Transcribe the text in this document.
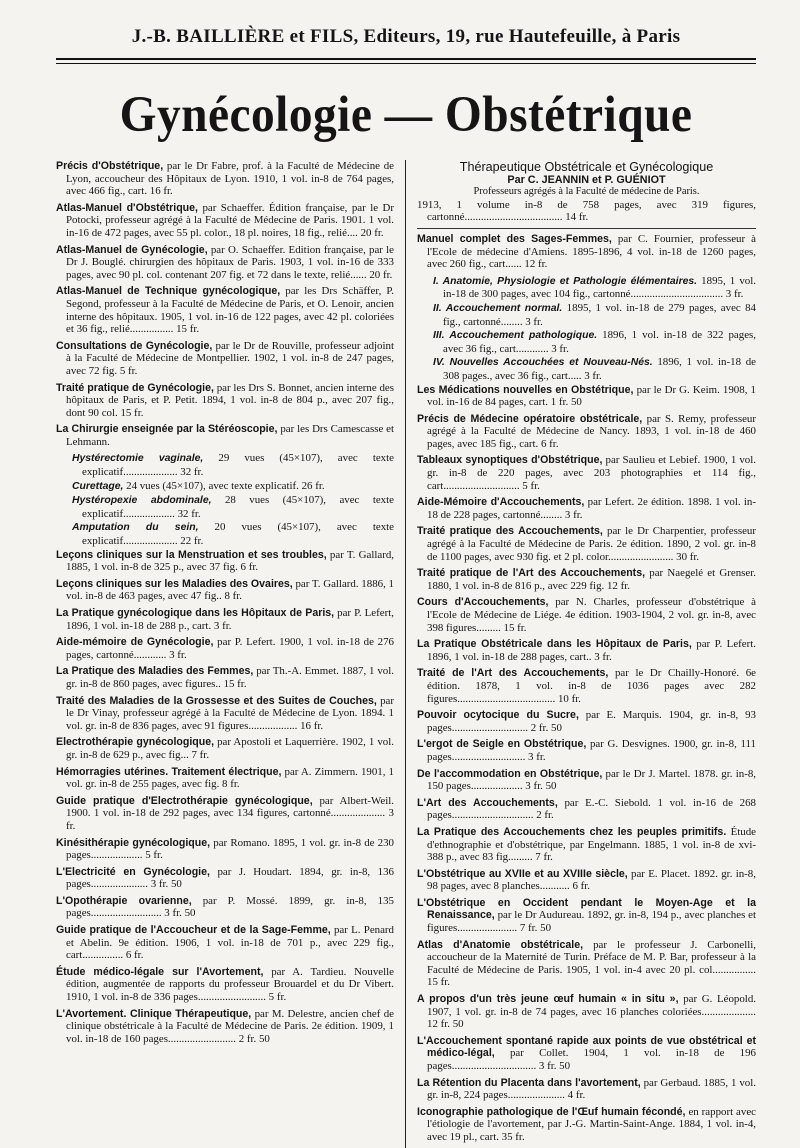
J.-B. BAILLIÈRE et FILS, Editeurs, 19, rue Hautefeuille, à Paris
Gynécologie — Obstétrique
Précis d'Obstétrique, par le Dr Fabre, prof. à la Faculté de Médecine de Lyon, accoucheur des Hôpitaux de Lyon. 1910, 1 vol. in-8 de 764 pages, avec 466 fig., cart. 16 fr.
Atlas-Manuel d'Obstétrique, par Schaeffer. Édition française, par le Dr Potocki, professeur agrégé à la Faculté de Médecine de Paris. 1901. 1 vol. in-16 de 472 pages, avec 55 pl. color., 18 pl. noires, 18 fig., relié.... 20 fr.
Atlas-Manuel de Gynécologie, par O. Schaeffer. Edition française, par le Dr J. Bouglé. chirurgien des hôpitaux de Paris. 1903, 1 vol. in-16 de 333 pages, avec 90 pl. col. contenant 207 fig. et 72 dans le texte, relié...... 20 fr.
Atlas-Manuel de Technique gynécologique, par les Drs Schäffer, P. Segond, professeur à la Faculté de Médecine de Paris, et O. Lenoir, ancien interne des hôpitaux. 1905, 1 vol. in-16 de 122 pages, avec 42 pl. coloriées et 36 fig., relié................ 15 fr.
Consultations de Gynécologie, par le Dr de Rouville, professeur adjoint à la Faculté de Médecine de Montpellier. 1902, 1 vol. in-8 de 247 pages, avec 72 fig. 5 fr.
Traité pratique de Gynécologie, par les Drs S. Bonnet, ancien interne des hôpitaux de Paris, et P. Petit. 1894, 1 vol. in-8 de 804 p., avec 207 fig., dont 90 col. 15 fr.
La Chirurgie enseignée par la Stéréoscopie, par les Drs Camescasse et Lehmann.
Hystérectomie vaginale, 29 vues (45×107), avec texte explicatif.................... 32 fr.
Curettage, 24 vues (45×107), avec texte explicatif. 26 fr.
Hystéropexie abdominale, 28 vues (45×107), avec texte explicatif................... 32 fr.
Amputation du sein, 20 vues (45×107), avec texte explicatif.................... 22 fr.
Leçons cliniques sur la Menstruation et ses troubles, par T. Gallard, 1885, 1 vol. in-8 de 325 p., avec 37 fig. 6 fr.
Leçons cliniques sur les Maladies des Ovaires, par T. Gallard. 1886, 1 vol. in-8 de 463 pages, avec 47 fig.. 8 fr.
La Pratique gynécologique dans les Hôpitaux de Paris, par P. Lefert, 1896, 1 vol. in-18 de 288 p., cart. 3 fr.
Aide-mémoire de Gynécologie, par P. Lefert. 1900, 1 vol. in-18 de 276 pages, cartonné............ 3 fr.
La Pratique des Maladies des Femmes, par Th.-A. Emmet. 1887, 1 vol. gr. in-8 de 860 pages, avec figures.. 15 fr.
Traité des Maladies de la Grossesse et des Suites de Couches, par le Dr Vinay, professeur agrégé à la Faculté de Médecine de Lyon. 1894. 1 vol. gr. in-8 de 836 pages, avec 91 figures.................. 16 fr.
Electrothérapie gynécologique, par Apostoli et Laquerrière. 1902, 1 vol. gr. in-8 de 629 p., avec fig... 7 fr.
Hémorragies utérines. Traitement électrique, par A. Zimmern. 1901, 1 vol. gr. in-8 de 255 pages, avec fig. 8 fr.
Guide pratique d'Electrothérapie gynécologique, par Albert-Weil. 1900. 1 vol. in-18 de 292 pages, avec 134 figures, cartonné.................... 3 fr.
Kinésithérapie gynécologique, par Romano. 1895, 1 vol. gr. in-8 de 230 pages................... 5 fr.
L'Electricité en Gynécologie, par J. Houdart. 1894, gr. in-8, 136 pages..................... 3 fr. 50
L'Opothérapie ovarienne, par P. Mossé. 1899, gr. in-8, 135 pages.......................... 3 fr. 50
Guide pratique de l'Accoucheur et de la Sage-Femme, par L. Penard et Abelin. 9e édition. 1906, 1 vol. in-18 de 701 p., avec 229 fig., cart............... 6 fr.
Étude médico-légale sur l'Avortement, par A. Tardieu. Nouvelle édition, augmentée de rapports du professeur Brouardel et du Dr Vibert. 1910, 1 vol. in-8 de 336 pages......................... 5 fr.
L'Avortement. Clinique Thérapeutique, par M. Delestre, ancien chef de clinique obstétricale à la Faculté de Médecine de Paris. 2e édition. 1909, 1 vol. in-18 de 160 pages......................... 2 fr. 50
Thérapeutique Obstétricale et Gynécologique
Par C. JEANNIN et P. GUÉNIOT
Professeurs agrégés à la Faculté de médecine de Paris.
1913, 1 volume in-8 de 758 pages, avec 319 figures, cartonné.................................... 14 fr.
Manuel complet des Sages-Femmes, par C. Fournier, professeur à l'Ecole de médecine d'Amiens. 1895-1896, 4 vol. in-18 de 1260 pages, avec 260 fig., cart...... 12 fr.
I. Anatomie, Physiologie et Pathologie élémentaires. 1895, 1 vol. in-18 de 300 pages, avec 104 fig., cartonné.................................. 3 fr.
II. Accouchement normal. 1895, 1 vol. in-18 de 279 pages, avec 84 fig., cartonné........ 3 fr.
III. Accouchement pathologique. 1896, 1 vol. in-18 de 322 pages, avec 36 fig., cart............ 3 fr.
IV. Nouvelles Accouchées et Nouveau-Nés. 1896, 1 vol. in-18 de 308 pages., avec 36 fig., cart..... 3 fr.
Les Médications nouvelles en Obstétrique, par le Dr G. Keim. 1908, 1 vol. in-16 de 84 pages, cart. 1 fr. 50
Précis de Médecine opératoire obstétricale, par S. Remy, professeur agrégé à la Faculté de Médecine de Nancy. 1893, 1 vol. in-18 de 460 pages, avec 185 fig., cart. 6 fr.
Tableaux synoptiques d'Obstétrique, par Saulieu et Lebief. 1900, 1 vol. gr. in-8 de 220 pages, avec 203 photographies et 114 fig., cart............................ 5 fr.
Aide-Mémoire d'Accouchements, par Lefert. 2e édition. 1898. 1 vol. in-18 de 228 pages, cartonné........ 3 fr.
Traité pratique des Accouchements, par le Dr Charpentier, professeur agrégé à la Faculté de Médecine de Paris. 2e édition. 1890, 2 vol. gr. in-8 de 1100 pages, avec 930 fig. et 2 pl. color........................ 30 fr.
Traité pratique de l'Art des Accouchements, par Naegelé et Grenser. 1880, 1 vol. in-8 de 816 p., avec 229 fig. 12 fr.
Cours d'Accouchements, par N. Charles, professeur d'obstétrique à l'Ecole de Médecine de Liége. 4e édition. 1903-1904, 2 vol. gr. in-8, avec 398 figures......... 15 fr.
La Pratique Obstétricale dans les Hôpitaux de Paris, par P. Lefert. 1896, 1 vol. in-18 de 288 pages, cart.. 3 fr.
Traité de l'Art des Accouchements, par le Dr Chailly-Honoré. 6e édition. 1878, 1 vol. in-8 de 1036 pages avec 282 figures.................................... 10 fr.
Pouvoir ocytocique du Sucre, par E. Marquis. 1904, gr. in-8, 93 pages............................ 2 fr. 50
L'ergot de Seigle en Obstétrique, par G. Desvignes. 1900, gr. in-8, 111 pages........................... 3 fr.
De l'accommodation en Obstétrique, par le Dr J. Martel. 1878. gr. in-8, 150 pages................... 3 fr. 50
L'Art des Accouchements, par E.-C. Siebold. 1 vol. in-16 de 268 pages.............................. 2 fr.
La Pratique des Accouchements chez les peuples primitifs. Étude d'ethnographie et d'obstétrique, par Engelmann. 1885, 1 vol. in-8 de xvi-388 p., avec 83 fig......... 7 fr.
L'Obstétrique au XVIIe et au XVIIIe siècle, par E. Placet. 1892. gr. in-8, 98 pages, avec 8 planches........... 6 fr.
L'Obstétrique en Occident pendant le Moyen-Age et la Renaissance, par le Dr Audureau. 1892, gr. in-8, 194 p., avec planches et figures...................... 7 fr. 50
Atlas d'Anatomie obstétricale, par le professeur J. Carbonelli, accoucheur de la Maternité de Turin. Préface de M. P. Bar, professeur à la Faculté de Médecine de Paris. 1905, 1 vol. in-4 avec 20 pl. col................ 15 fr.
A propos d'un très jeune œuf humain « in situ », par G. Léopold. 1907, 1 vol. gr. in-8 de 74 pages, avec 16 planches coloriées.................... 12 fr. 50
L'Accouchement spontané rapide aux points de vue obstétrical et médico-légal, par Collet. 1904, 1 vol. in-18 de 196 pages............................... 3 fr. 50
La Rétention du Placenta dans l'avortement, par Gerbaud. 1885, 1 vol. gr. in-8, 224 pages..................... 4 fr.
Iconographie pathologique de l'Œuf humain fécondé, en rapport avec l'étiologie de l'avortement, par J.-G. Martin-Saint-Ange. 1884, 1 vol. in-4, avec 19 pl., cart. 35 fr.
